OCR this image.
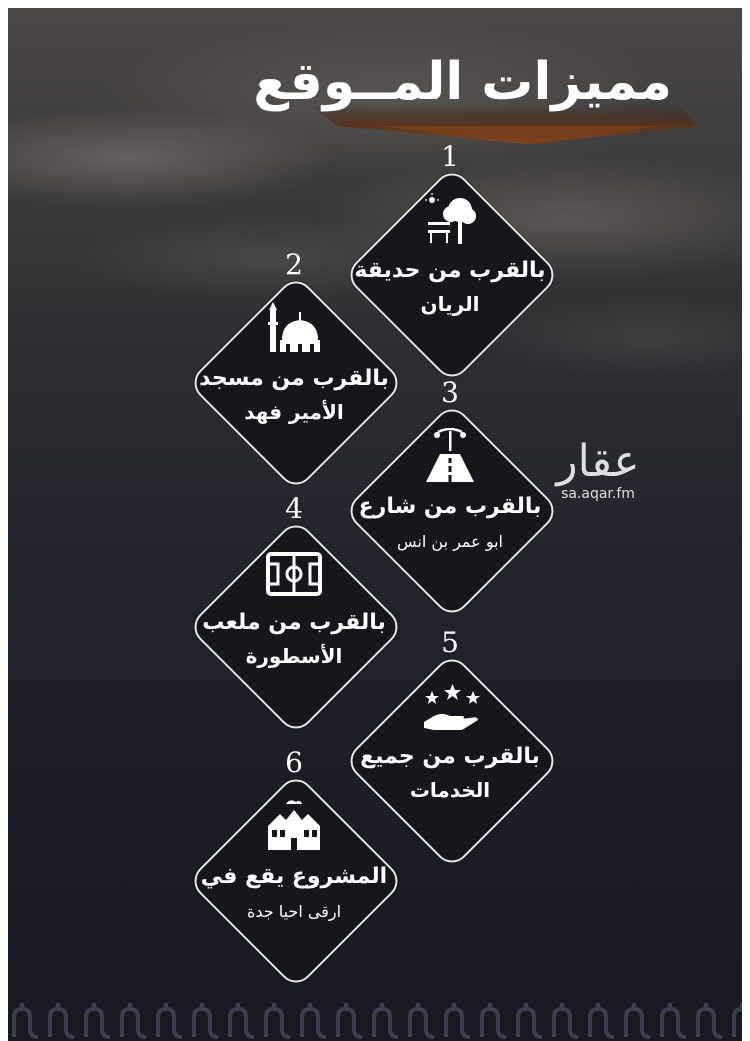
مميزات المــوقع
عقار
sa.aqar.fm
1
بالقرب من حديقة
الريان
2
بالقرب من مسجد
الأمير فهد
3
بالقرب من شارع
ابو عمر بن انس
4
بالقرب من ملعب
الأسطورة	5
بالقرب من جميع
الخدمات
6
المشروع يقع في
ارقى احيا جدة
